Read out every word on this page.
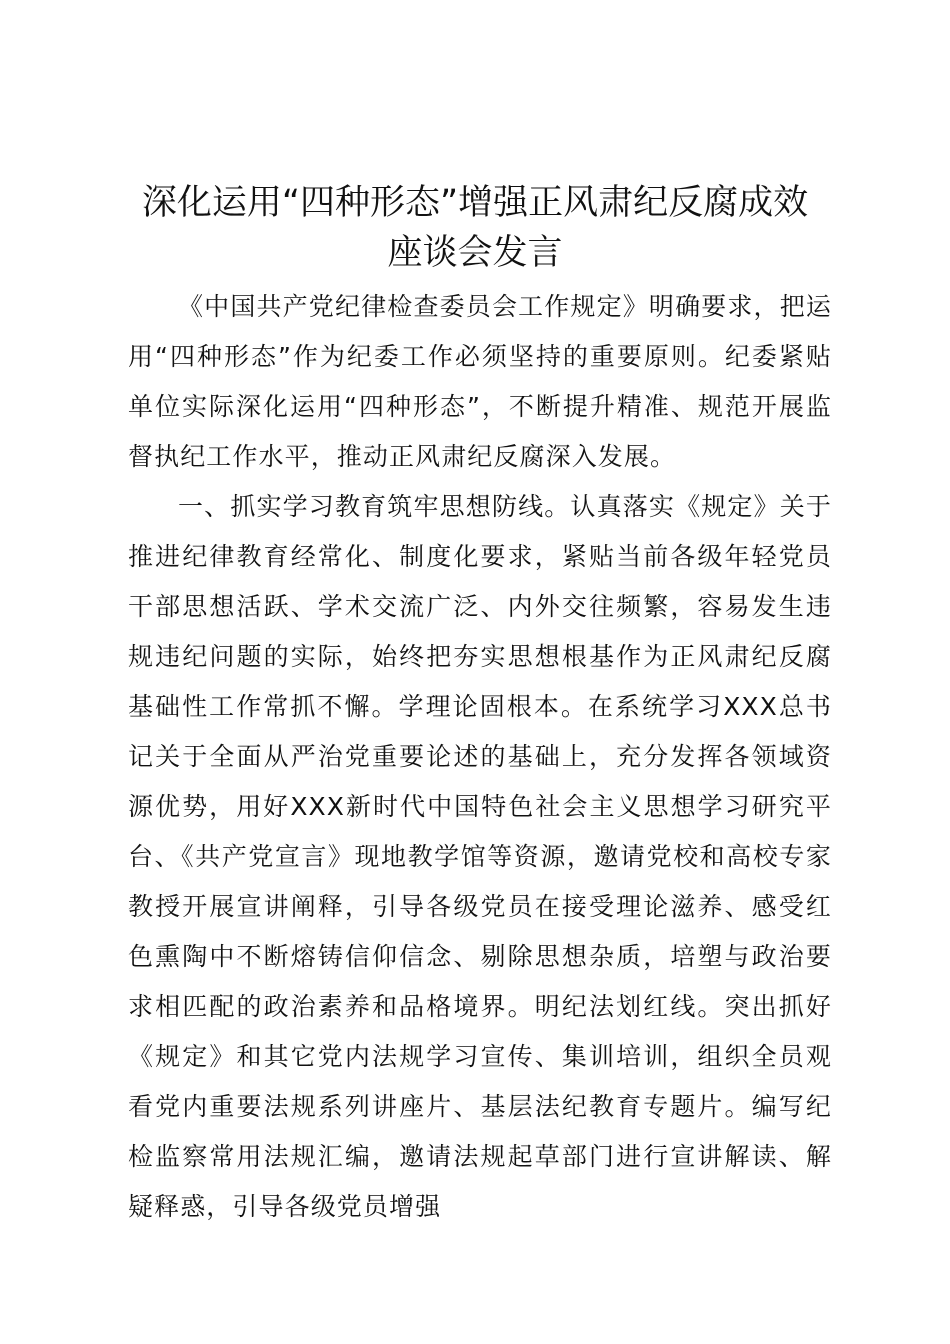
深化运用“四种形态”增强正风肃纪反腐成效
座谈会发言

《中国共产党纪律检查委员会工作规定》明确要求，把运用“四种形态”作为纪委工作必须坚持的重要原则。纪委紧贴单位实际深化运用“四种形态”，不断提升精准、规范开展监督执纪工作水平，推动正风肃纪反腐深入发展。

一、抓实学习教育筑牢思想防线。认真落实《规定》关于推进纪律教育经常化、制度化要求，紧贴当前各级年轻党员干部思想活跃、学术交流广泛、内外交往频繁，容易发生违规违纪问题的实际，始终把夯实思想根基作为正风肃纪反腐基础性工作常抓不懈。学理论固根本。在系统学习XXX总书记关于全面从严治党重要论述的基础上，充分发挥各领域资源优势，用好XXX新时代中国特色社会主义思想学习研究平台、《共产党宣言》现地教学馆等资源，邀请党校和高校专家教授开展宣讲阐释，引导各级党员在接受理论滋养、感受红色熏陶中不断熔铸信仰信念、剔除思想杂质，培塑与政治要求相匹配的政治素养和品格境界。明纪法划红线。突出抓好《规定》和其它党内法规学习宣传、集训培训，组织全员观看党内重要法规系列讲座片、基层法纪教育专题片。编写纪检监察常用法规汇编，邀请法规起草部门进行宣讲解读、解疑释惑，引导各级党员增强
